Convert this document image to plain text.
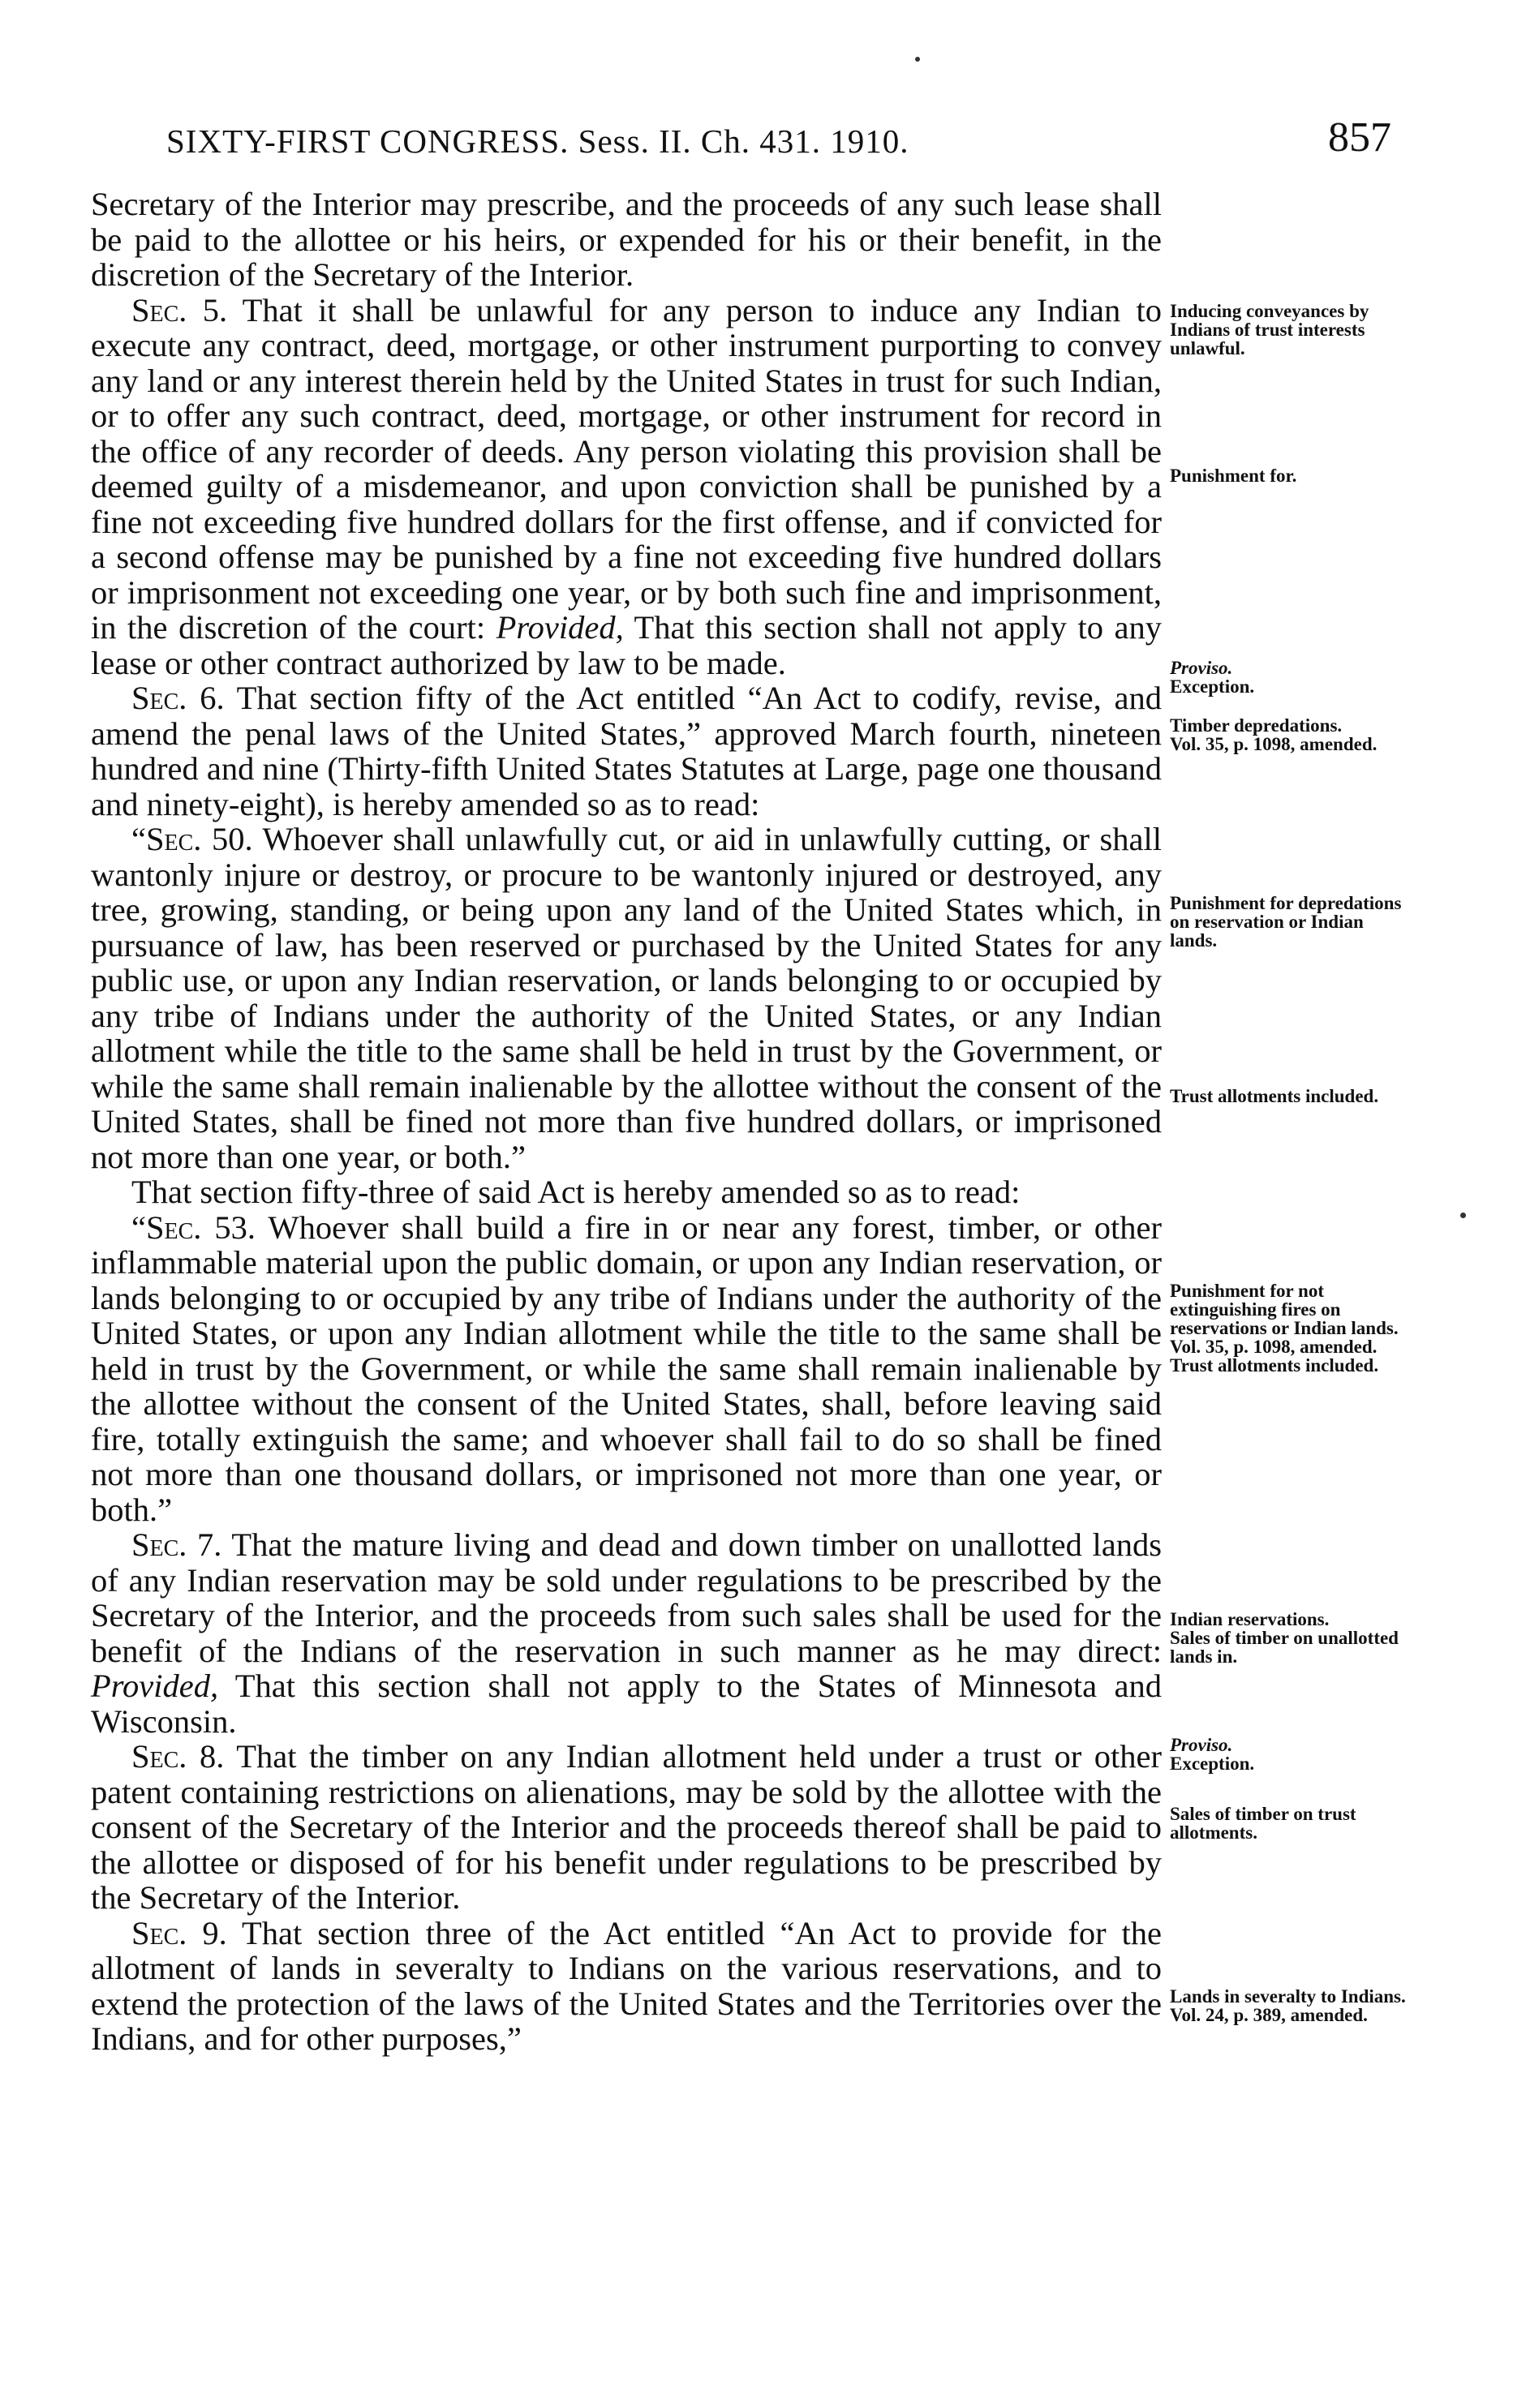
SIXTY-FIRST CONGRESS. Sess. II. Ch. 431. 1910.	857

Secretary of the Interior may prescribe, and the proceeds of any such lease shall be paid to the allottee or his heirs, or expended for his or their benefit, in the discretion of the Secretary of the Interior.

Sec. 5. That it shall be unlawful for any person to induce any Indian to execute any contract, deed, mortgage, or other instrument purporting to convey any land or any interest therein held by the United States in trust for such Indian, or to offer any such contract, deed, mortgage, or other instrument for record in the office of any recorder of deeds. Any person violating this provision shall be deemed guilty of a misdemeanor, and upon conviction shall be punished by a fine not exceeding five hundred dollars for the first offense, and if convicted for a second offense may be punished by a fine not exceeding five hundred dollars or imprisonment not exceeding one year, or by both such fine and imprisonment, in the discretion of the court: Provided, That this section shall not apply to any lease or other contract authorized by law to be made.

Sec. 6. That section fifty of the Act entitled “An Act to codify, revise, and amend the penal laws of the United States,” approved March fourth, nineteen hundred and nine (Thirty-fifth United States Statutes at Large, page one thousand and ninety-eight), is hereby amended so as to read:

“Sec. 50. Whoever shall unlawfully cut, or aid in unlawfully cutting, or shall wantonly injure or destroy, or procure to be wantonly injured or destroyed, any tree, growing, standing, or being upon any land of the United States which, in pursuance of law, has been reserved or purchased by the United States for any public use, or upon any Indian reservation, or lands belonging to or occupied by any tribe of Indians under the authority of the United States, or any Indian allotment while the title to the same shall be held in trust by the Government, or while the same shall remain inalienable by the allottee without the consent of the United States, shall be fined not more than five hundred dollars, or imprisoned not more than one year, or both.”

That section fifty-three of said Act is hereby amended so as to read:

“Sec. 53. Whoever shall build a fire in or near any forest, timber, or other inflammable material upon the public domain, or upon any Indian reservation, or lands belonging to or occupied by any tribe of Indians under the authority of the United States, or upon any Indian allotment while the title to the same shall be held in trust by the Government, or while the same shall remain inalienable by the allottee without the consent of the United States, shall, before leaving said fire, totally extinguish the same; and whoever shall fail to do so shall be fined not more than one thousand dollars, or imprisoned not more than one year, or both.”

Sec. 7. That the mature living and dead and down timber on unallotted lands of any Indian reservation may be sold under regulations to be prescribed by the Secretary of the Interior, and the proceeds from such sales shall be used for the benefit of the Indians of the reservation in such manner as he may direct: Provided, That this section shall not apply to the States of Minnesota and Wisconsin.

Sec. 8. That the timber on any Indian allotment held under a trust or other patent containing restrictions on alienations, may be sold by the allottee with the consent of the Secretary of the Interior and the proceeds thereof shall be paid to the allottee or disposed of for his benefit under regulations to be prescribed by the Secretary of the Interior.

Sec. 9. That section three of the Act entitled “An Act to provide for the allotment of lands in severalty to Indians on the various reservations, and to extend the protection of the laws of the United States and the Territories over the Indians, and for other purposes,”

Inducing conveyances by Indians of trust interests unlawful.
Punishment for.
Proviso.
Exception.
Timber depredations.
Vol. 35, p. 1098, amended.
Punishment for depredations on reservation or Indian lands.
Trust allotments included.
Punishment for not extinguishing fires on reservations or Indian lands.
Vol. 35, p. 1098, amended.
Trust allotments included.
Indian reservations.
Sales of timber on unallotted lands in.
Proviso.
Exception.
Sales of timber on trust allotments.
Lands in severalty to Indians.
Vol. 24, p. 389, amended.
